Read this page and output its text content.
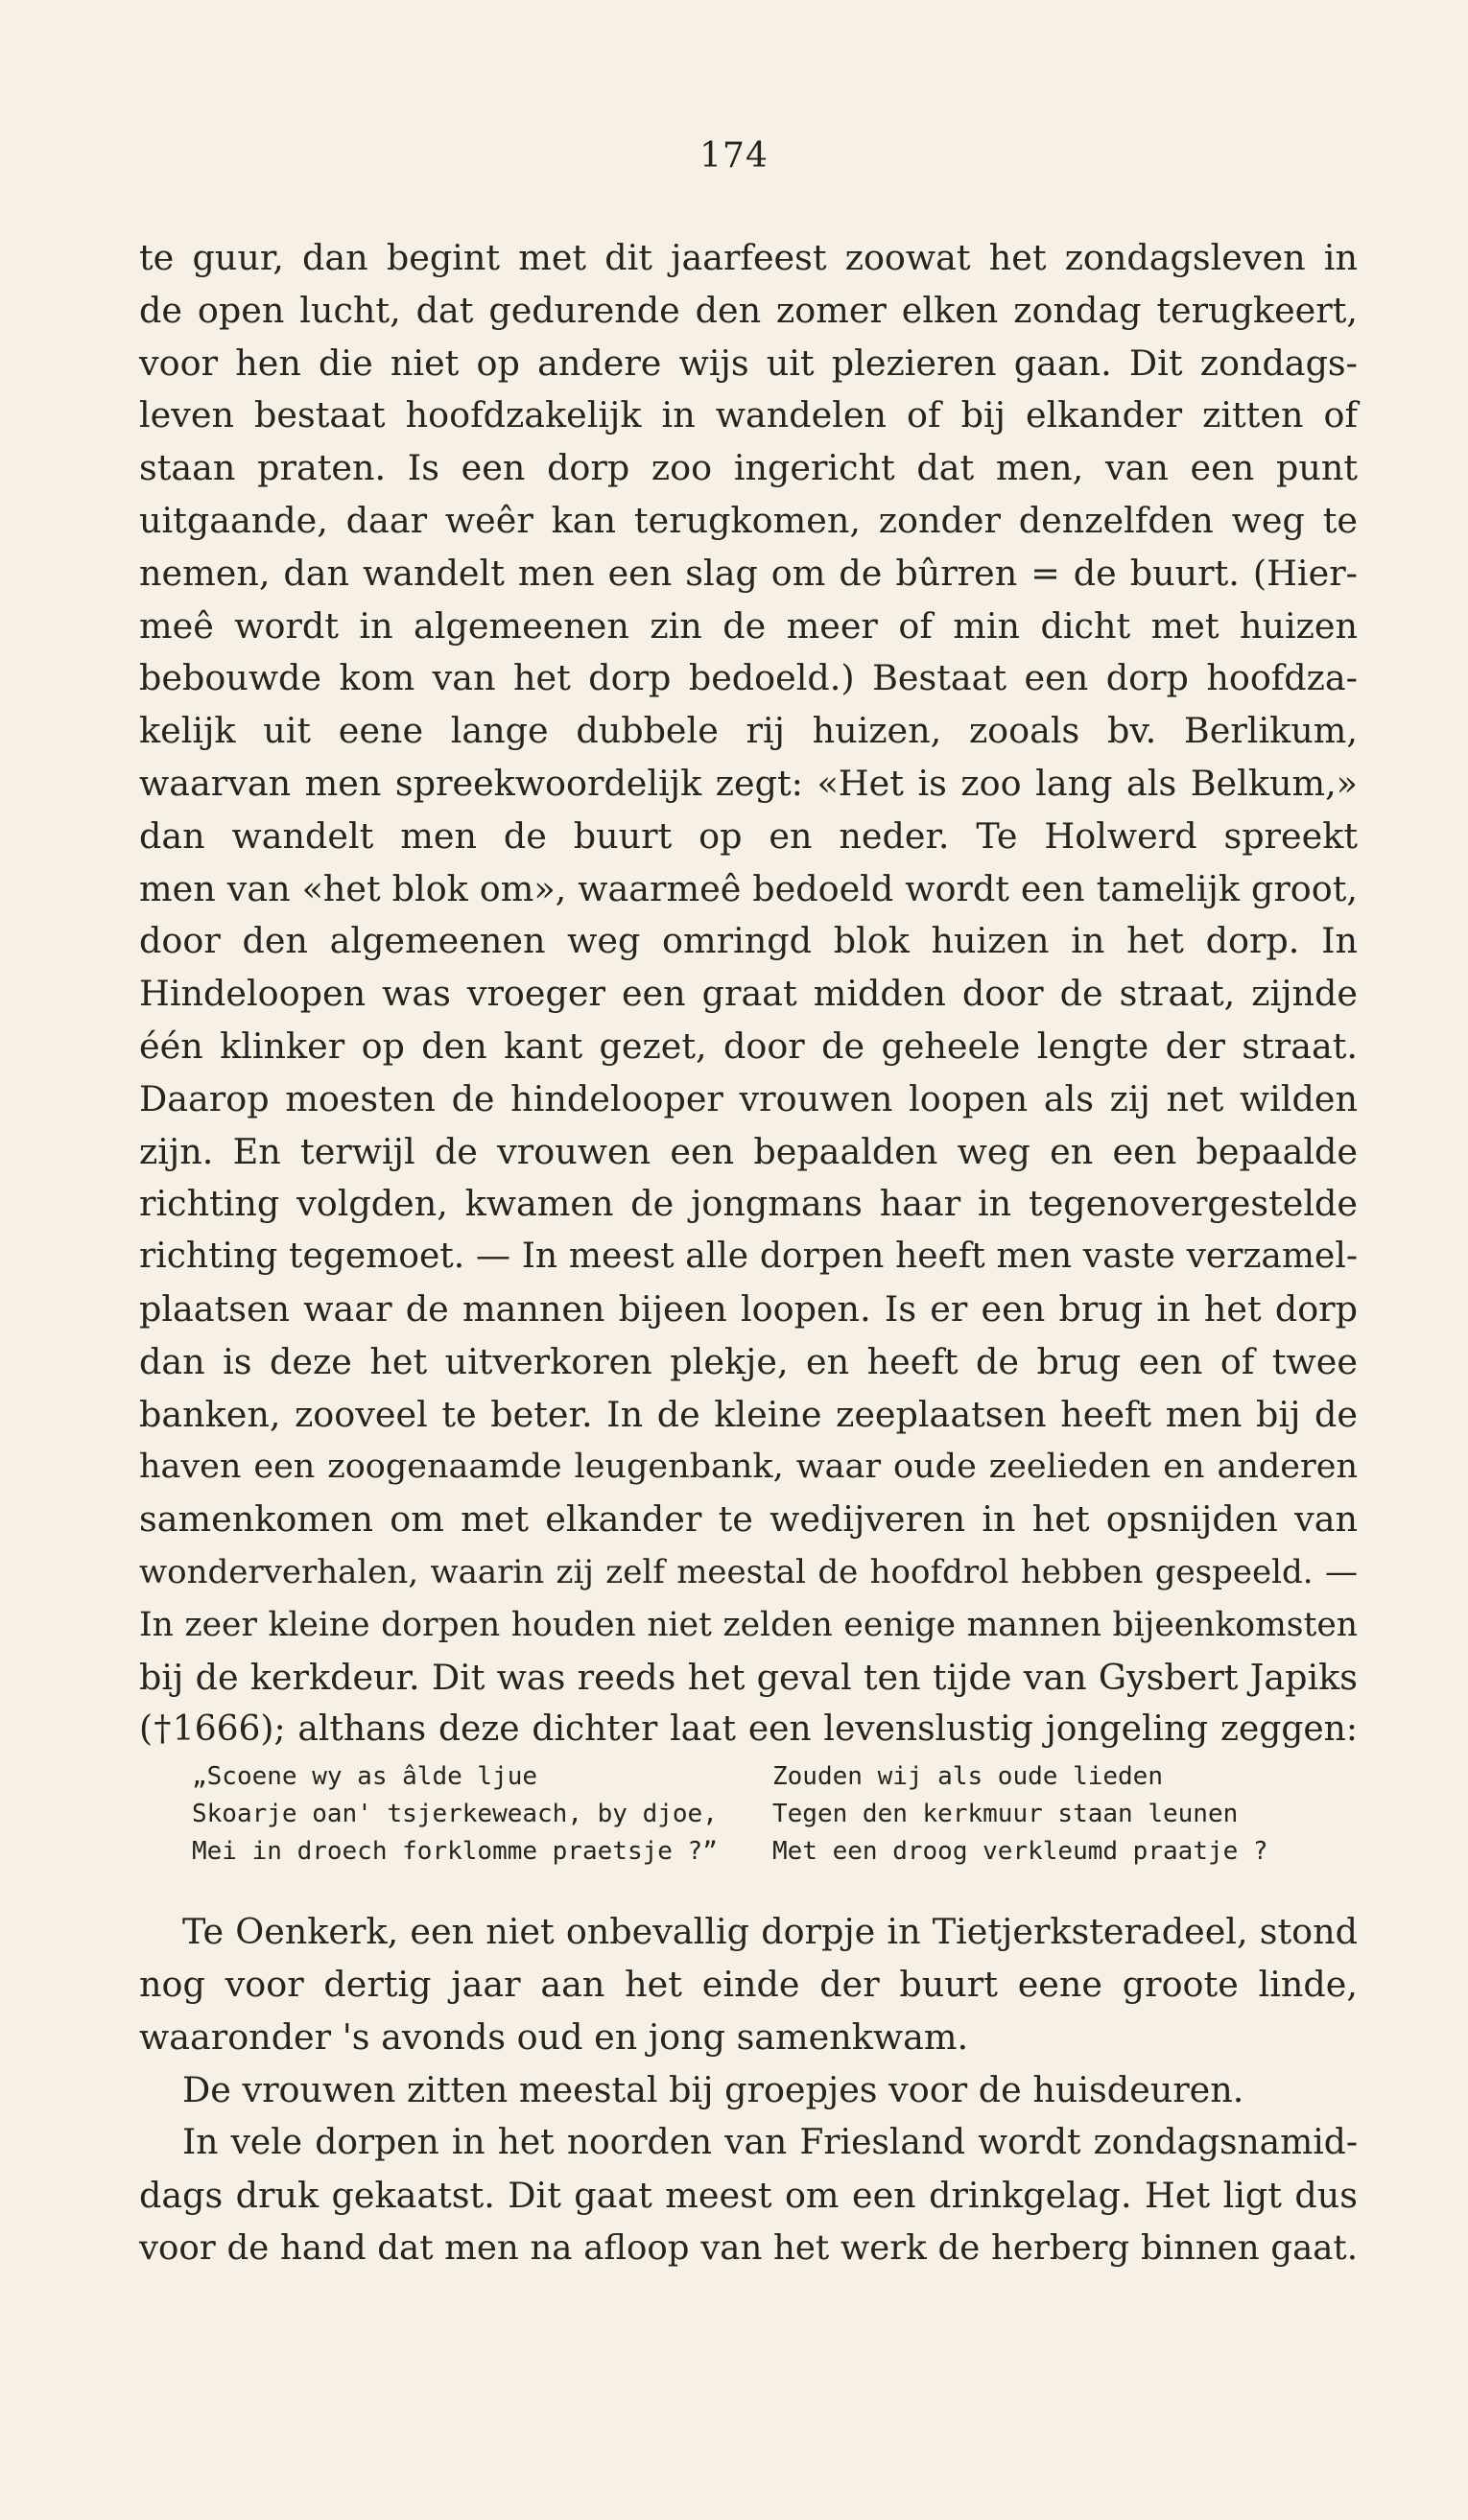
174
te guur, dan begint met dit jaarfeest zoowat het zondagsleven in
de open lucht, dat gedurende den zomer elken zondag terugkeert,
voor hen die niet op andere wijs uit plezieren gaan. Dit zondags-
leven bestaat hoofdzakelijk in wandelen of bij elkander zitten of
staan praten. Is een dorp zoo ingericht dat men, van een punt
uitgaande, daar weêr kan terugkomen, zonder denzelfden weg te
nemen, dan wandelt men een slag om de bûrren = de buurt. (Hier-
meê wordt in algemeenen zin de meer of min dicht met huizen
bebouwde kom van het dorp bedoeld.) Bestaat een dorp hoofdza-
kelijk uit eene lange dubbele rij huizen, zooals bv. Berlikum,
waarvan men spreekwoordelijk zegt: «Het is zoo lang als Belkum,»
dan wandelt men de buurt op en neder. Te Holwerd spreekt
men van «het blok om», waarmeê bedoeld wordt een tamelijk groot,
door den algemeenen weg omringd blok huizen in het dorp. In
Hindeloopen was vroeger een graat midden door de straat, zijnde
één klinker op den kant gezet, door de geheele lengte der straat.
Daarop moesten de hindelooper vrouwen loopen als zij net wilden
zijn. En terwijl de vrouwen een bepaalden weg en een bepaalde
richting volgden, kwamen de jongmans haar in tegenovergestelde
richting tegemoet. — In meest alle dorpen heeft men vaste verzamel-
plaatsen waar de mannen bijeen loopen. Is er een brug in het dorp
dan is deze het uitverkoren plekje, en heeft de brug een of twee
banken, zooveel te beter. In de kleine zeeplaatsen heeft men bij de
haven een zoogenaamde leugenbank, waar oude zeelieden en anderen
samenkomen om met elkander te wedijveren in het opsnijden van
wonderverhalen, waarin zij zelf meestal de hoofdrol hebben gespeeld. —
In zeer kleine dorpen houden niet zelden eenige mannen bijeenkomsten
bij de kerkdeur. Dit was reeds het geval ten tijde van Gysbert Japiks
(†1666); althans deze dichter laat een levenslustig jongeling zeggen:
„Scoene wy as âlde ljue
Skoarje oan' tsjerkeweach, by djoe,
Mei in droech forklomme praetsje ?”
Zouden wij als oude lieden
Tegen den kerkmuur staan leunen
Met een droog verkleumd praatje ?
Te Oenkerk, een niet onbevallig dorpje in Tietjerksteradeel, stond
nog voor dertig jaar aan het einde der buurt eene groote linde,
waaronder 's avonds oud en jong samenkwam.
De vrouwen zitten meestal bij groepjes voor de huisdeuren.
In vele dorpen in het noorden van Friesland wordt zondagsnamid-
dags druk gekaatst. Dit gaat meest om een drinkgelag. Het ligt dus
voor de hand dat men na afloop van het werk de herberg binnen gaat.
